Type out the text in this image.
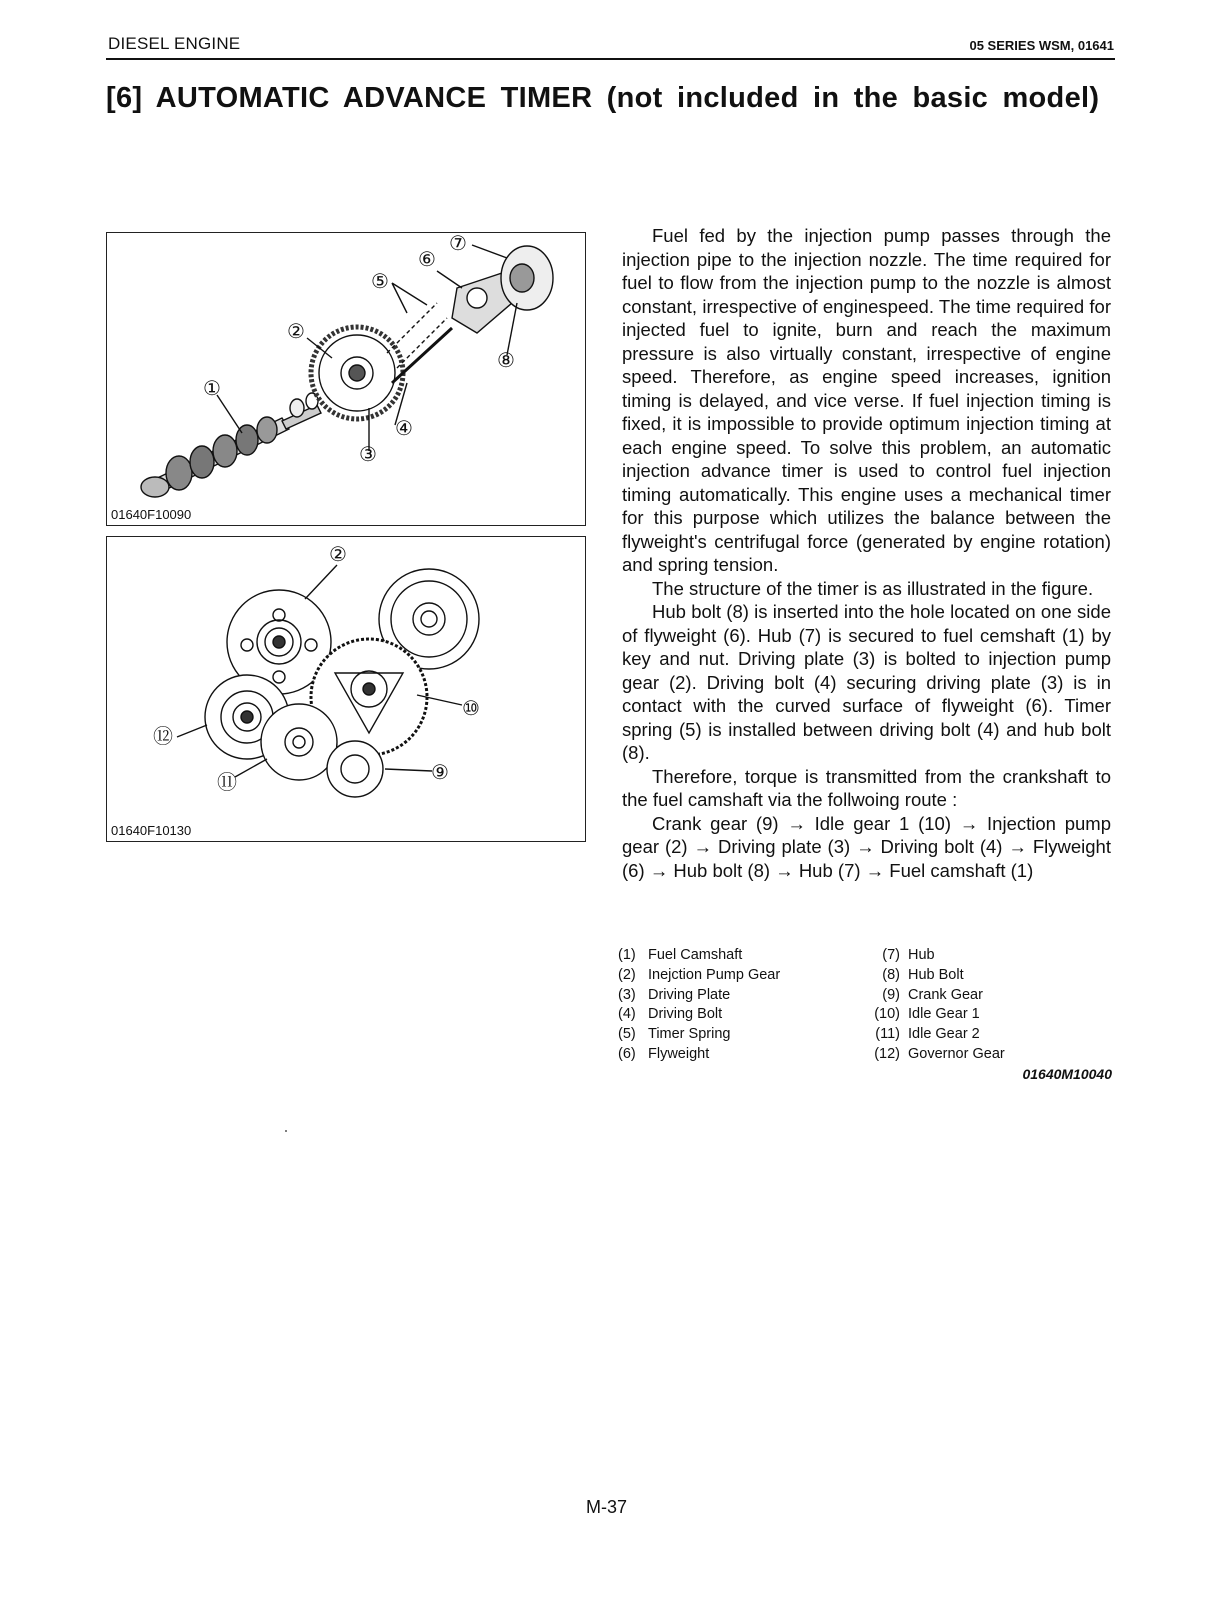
DIESEL ENGINE	05 SERIES WSM, 01641
[6] AUTOMATIC ADVANCE TIMER (not included in the basic model)
①
②
③
④
⑤
⑥
⑦
⑧
01640F10090
②
⑩
⑫
⑪	⑨
01640F10130

Fuel fed by the injection pump passes through the injection pipe to the injection nozzle. The time required for fuel to flow from the injection pump to the nozzle is almost constant, irrespective of enginespeed. The time required for injected fuel to ignite, burn and reach the maximum pressure is also virtually constant, irrespective of engine speed. Therefore, as engine speed increases, ignition timing is delayed, and vice verse. If fuel injection timing is fixed, it is impossible to provide optimum injection timing at each engine speed. To solve this problem, an automatic injection advance timer is used to control fuel injection timing automatically. This engine uses a mechanical timer for this purpose which utilizes the balance between the flyweight's centrifugal force (generated by engine rotation) and spring tension.

The structure of the timer is as illustrated in the figure.

Hub bolt (8) is inserted into the hole located on one side of flyweight (6). Hub (7) is secured to fuel cemshaft (1) by key and nut. Driving plate (3) is bolted to injection pump gear (2). Driving bolt (4) securing driving plate (3) is in contact with the curved surface of flyweight (6). Timer spring (5) is installed between driving bolt (4) and hub bolt (8).

Therefore, torque is transmitted from the crankshaft to the fuel camshaft via the follwoing route :

Crank gear (9) → Idle gear 1 (10) → Injection pump gear (2) → Driving plate (3) → Driving bolt (4) → Flyweight (6) → Hub bolt (8) → Hub (7) → Fuel camshaft (1)

(1) Fuel Camshaft
(2) Inejction Pump Gear
(3) Driving Plate
(4) Driving Bolt
(5) Timer Spring
(6) Flyweight
(7) Hub
(8) Hub Bolt
(9) Crank Gear
(10) Idle Gear 1
(11) Idle Gear 2
(12) Governor Gear
01640M10040
M-37
